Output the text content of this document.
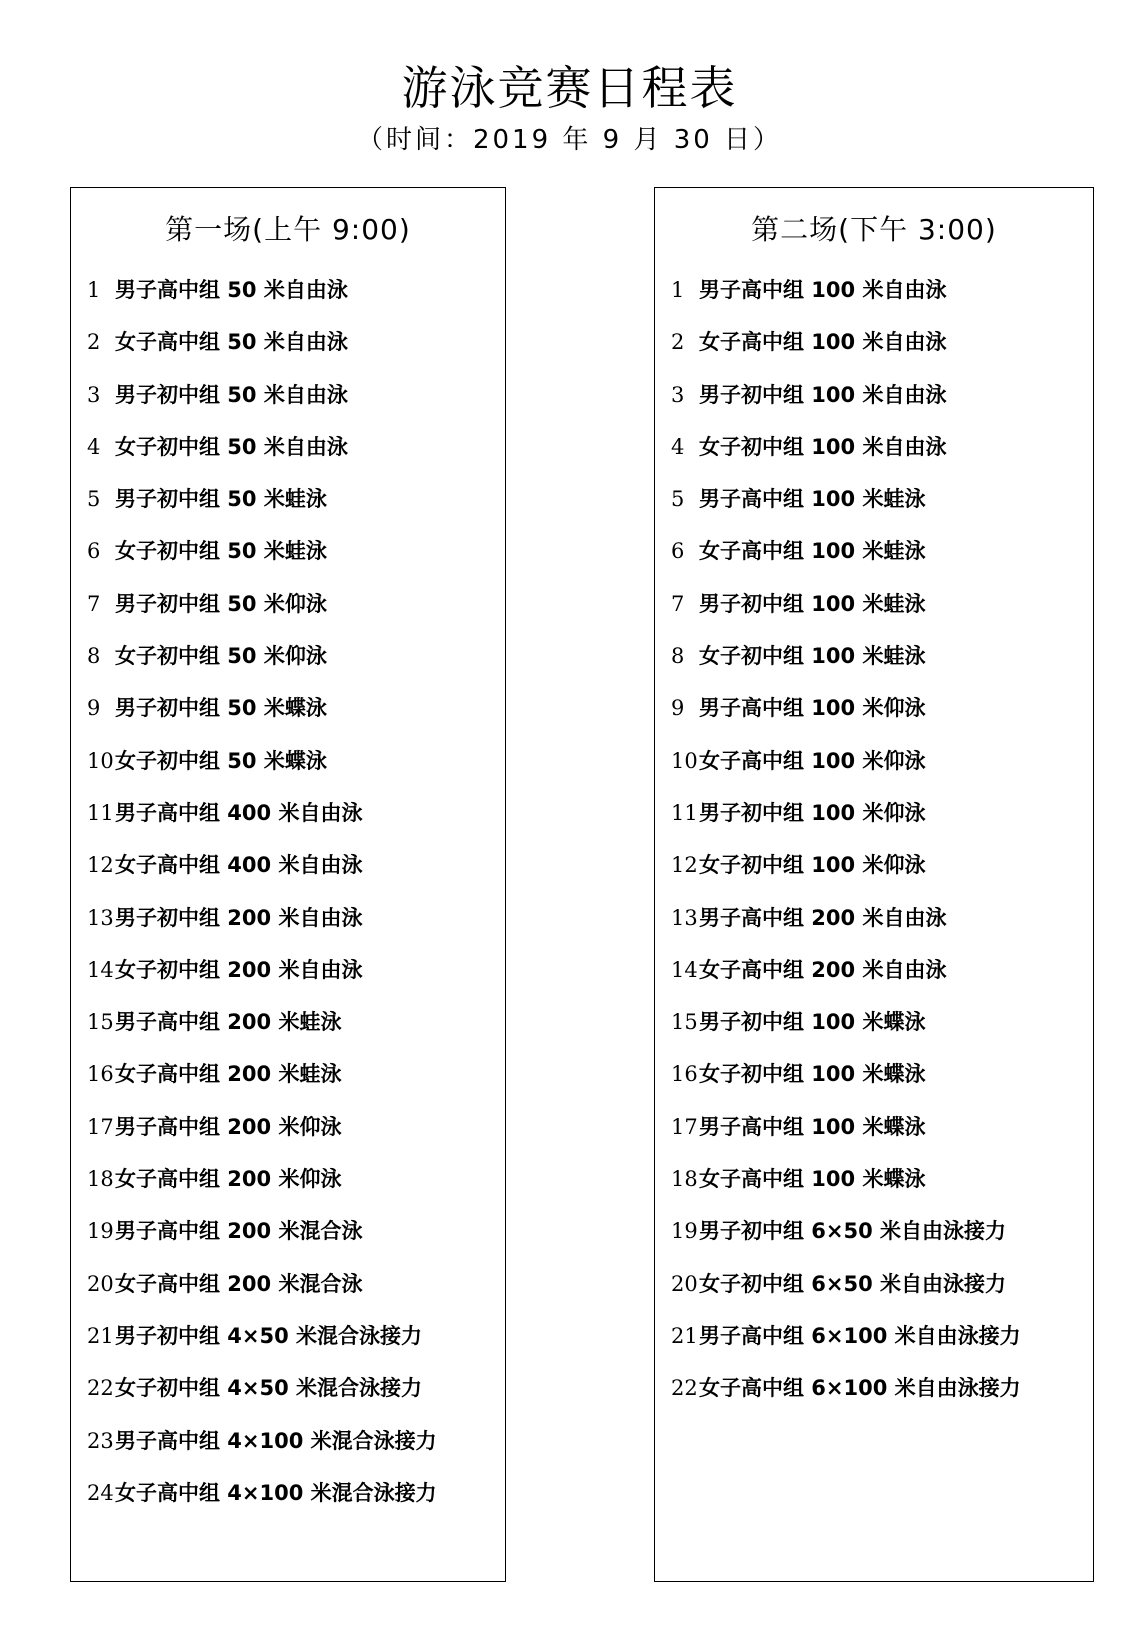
游泳竞赛日程表
（时间：2019 年 9 月 30 日）
第一场(上午 9:00)
1 男子高中组 50 米自由泳
2 女子高中组 50 米自由泳
3 男子初中组 50 米自由泳
4 女子初中组 50 米自由泳
5 男子初中组 50 米蛙泳
6 女子初中组 50 米蛙泳
7 男子初中组 50 米仰泳
8 女子初中组 50 米仰泳
9 男子初中组 50 米蝶泳
10女子初中组 50 米蝶泳
11男子高中组 400 米自由泳
12女子高中组 400 米自由泳
13男子初中组 200 米自由泳
14女子初中组 200 米自由泳
15男子高中组 200 米蛙泳
16女子高中组 200 米蛙泳
17男子高中组 200 米仰泳
18女子高中组 200 米仰泳
19男子高中组 200 米混合泳
20女子高中组 200 米混合泳
21男子初中组 4×50 米混合泳接力
22女子初中组 4×50 米混合泳接力
23男子高中组 4×100 米混合泳接力
24女子高中组 4×100 米混合泳接力
第二场(下午 3:00)
1 男子高中组 100 米自由泳
2 女子高中组 100 米自由泳
3 男子初中组 100 米自由泳
4 女子初中组 100 米自由泳
5 男子高中组 100 米蛙泳
6 女子高中组 100 米蛙泳
7 男子初中组 100 米蛙泳
8 女子初中组 100 米蛙泳
9 男子高中组 100 米仰泳
10女子高中组 100 米仰泳
11男子初中组 100 米仰泳
12女子初中组 100 米仰泳
13男子高中组 200 米自由泳
14女子高中组 200 米自由泳
15男子初中组 100 米蝶泳
16女子初中组 100 米蝶泳
17男子高中组 100 米蝶泳
18女子高中组 100 米蝶泳
19男子初中组 6×50 米自由泳接力
20女子初中组 6×50 米自由泳接力
21男子高中组 6×100 米自由泳接力
22女子高中组 6×100 米自由泳接力
